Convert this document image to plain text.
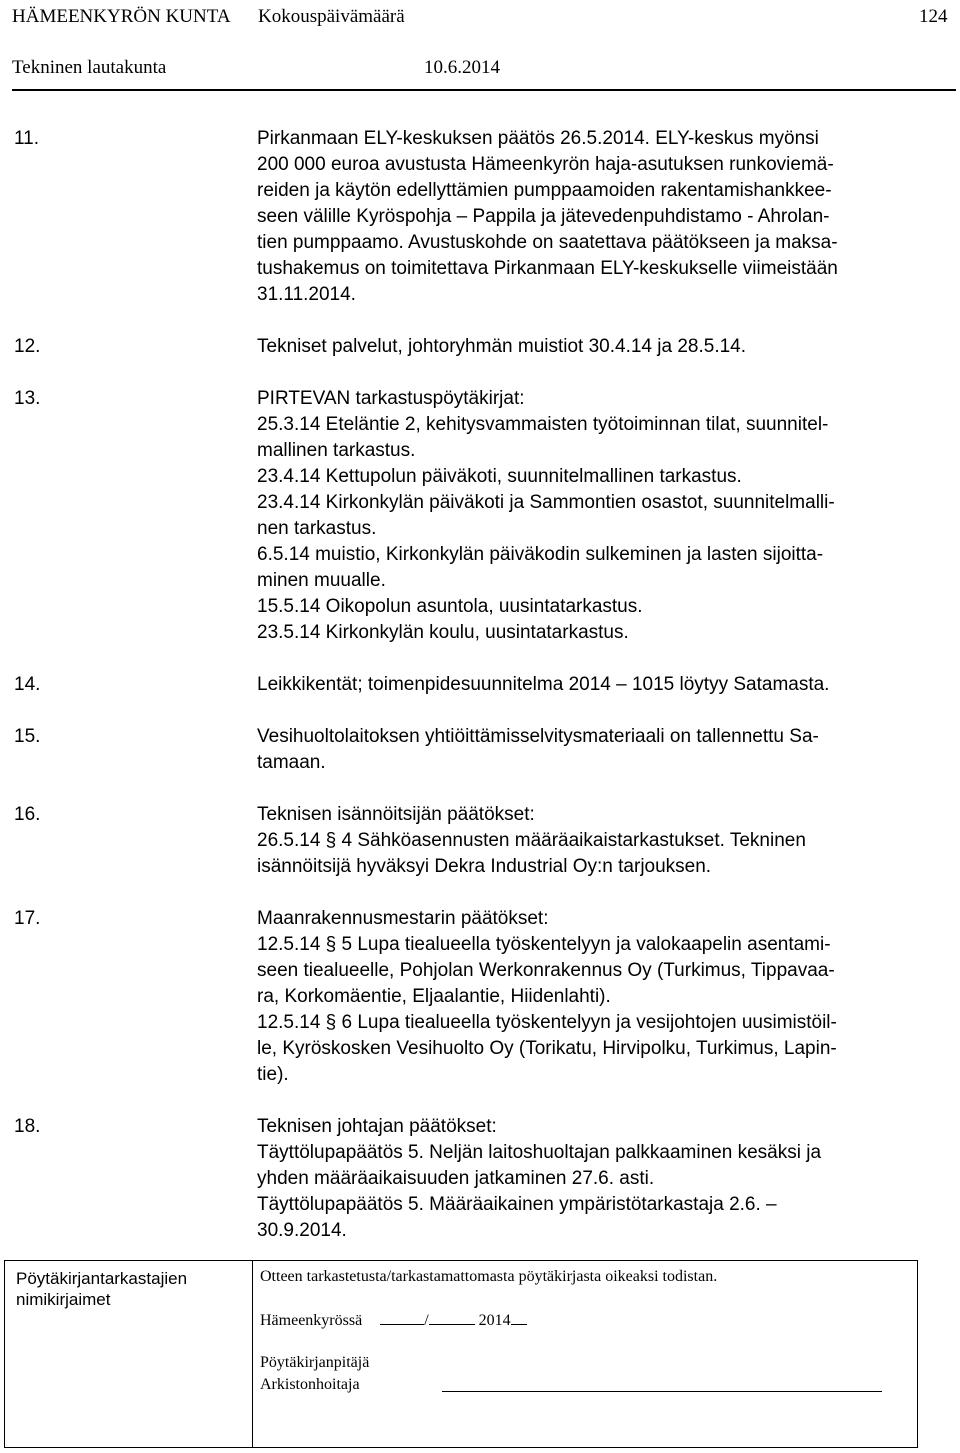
HÄMEENKYRÖN KUNTA Kokouspäivämäärä	124
Tekninen lautakunta	10.6.2014
11.	Pirkanmaan ELY-keskuksen päätös 26.5.2014. ELY-keskus myönsi
200 000 euroa avustusta Hämeenkyrön haja-asutuksen runkoviemä-
reiden ja käytön edellyttämien pumppaamoiden rakentamishankkee-
seen välille Kyröspohja – Pappila ja jätevedenpuhdistamo - Ahrolan-
tien pumppaamo. Avustuskohde on saatettava päätökseen ja maksa-
tushakemus on toimitettava Pirkanmaan ELY-keskukselle viimeistään
31.11.2014.
12.	Tekniset palvelut, johtoryhmän muistiot 30.4.14 ja 28.5.14.
13.	PIRTEVAN tarkastuspöytäkirjat:
25.3.14 Eteläntie 2, kehitysvammaisten työtoiminnan tilat, suunnitel-
mallinen tarkastus.
23.4.14 Kettupolun päiväkoti, suunnitelmallinen tarkastus.
23.4.14 Kirkonkylän päiväkoti ja Sammontien osastot, suunnitelmalli-
nen tarkastus.
6.5.14 muistio, Kirkonkylän päiväkodin sulkeminen ja lasten sijoitta-
minen muualle.
15.5.14 Oikopolun asuntola, uusintatarkastus.
23.5.14 Kirkonkylän koulu, uusintatarkastus.
14.	Leikkikentät; toimenpidesuunnitelma 2014 – 1015 löytyy Satamasta.
15.	Vesihuoltolaitoksen yhtiöittämisselvitysmateriaali on tallennettu Sa-
tamaan.
16.	Teknisen isännöitsijän päätökset:
26.5.14 § 4 Sähköasennusten määräaikaistarkastukset. Tekninen
isännöitsijä hyväksyi Dekra Industrial Oy:n tarjouksen.
17.	Maanrakennusmestarin päätökset:
12.5.14 § 5 Lupa tiealueella työskentelyyn ja valokaapelin asentami-
seen tiealueelle, Pohjolan Werkonrakennus Oy (Turkimus, Tippavaa-
ra, Korkomäentie, Eljaalantie, Hiidenlahti).
12.5.14 § 6 Lupa tiealueella työskentelyyn ja vesijohtojen uusimistöil-
le, Kyröskosken Vesihuolto Oy (Torikatu, Hirvipolku, Turkimus, Lapin-
tie).
18.	Teknisen johtajan päätökset:
Täyttölupapäätös 5. Neljän laitoshuoltajan palkkaaminen kesäksi ja
yhden määräaikaisuuden jatkaminen 27.6. asti.
Täyttölupapäätös 5. Määräaikainen ympäristötarkastaja 2.6. –
30.9.2014.
Pöytäkirjantarkastajien
nimikirjaimet
Otteen tarkastetusta/tarkastamattomasta pöytäkirjasta oikeaksi todistan.
Hämeenkyrössä	/	2014
Pöytäkirjanpitäjä
Arkistonhoitaja
